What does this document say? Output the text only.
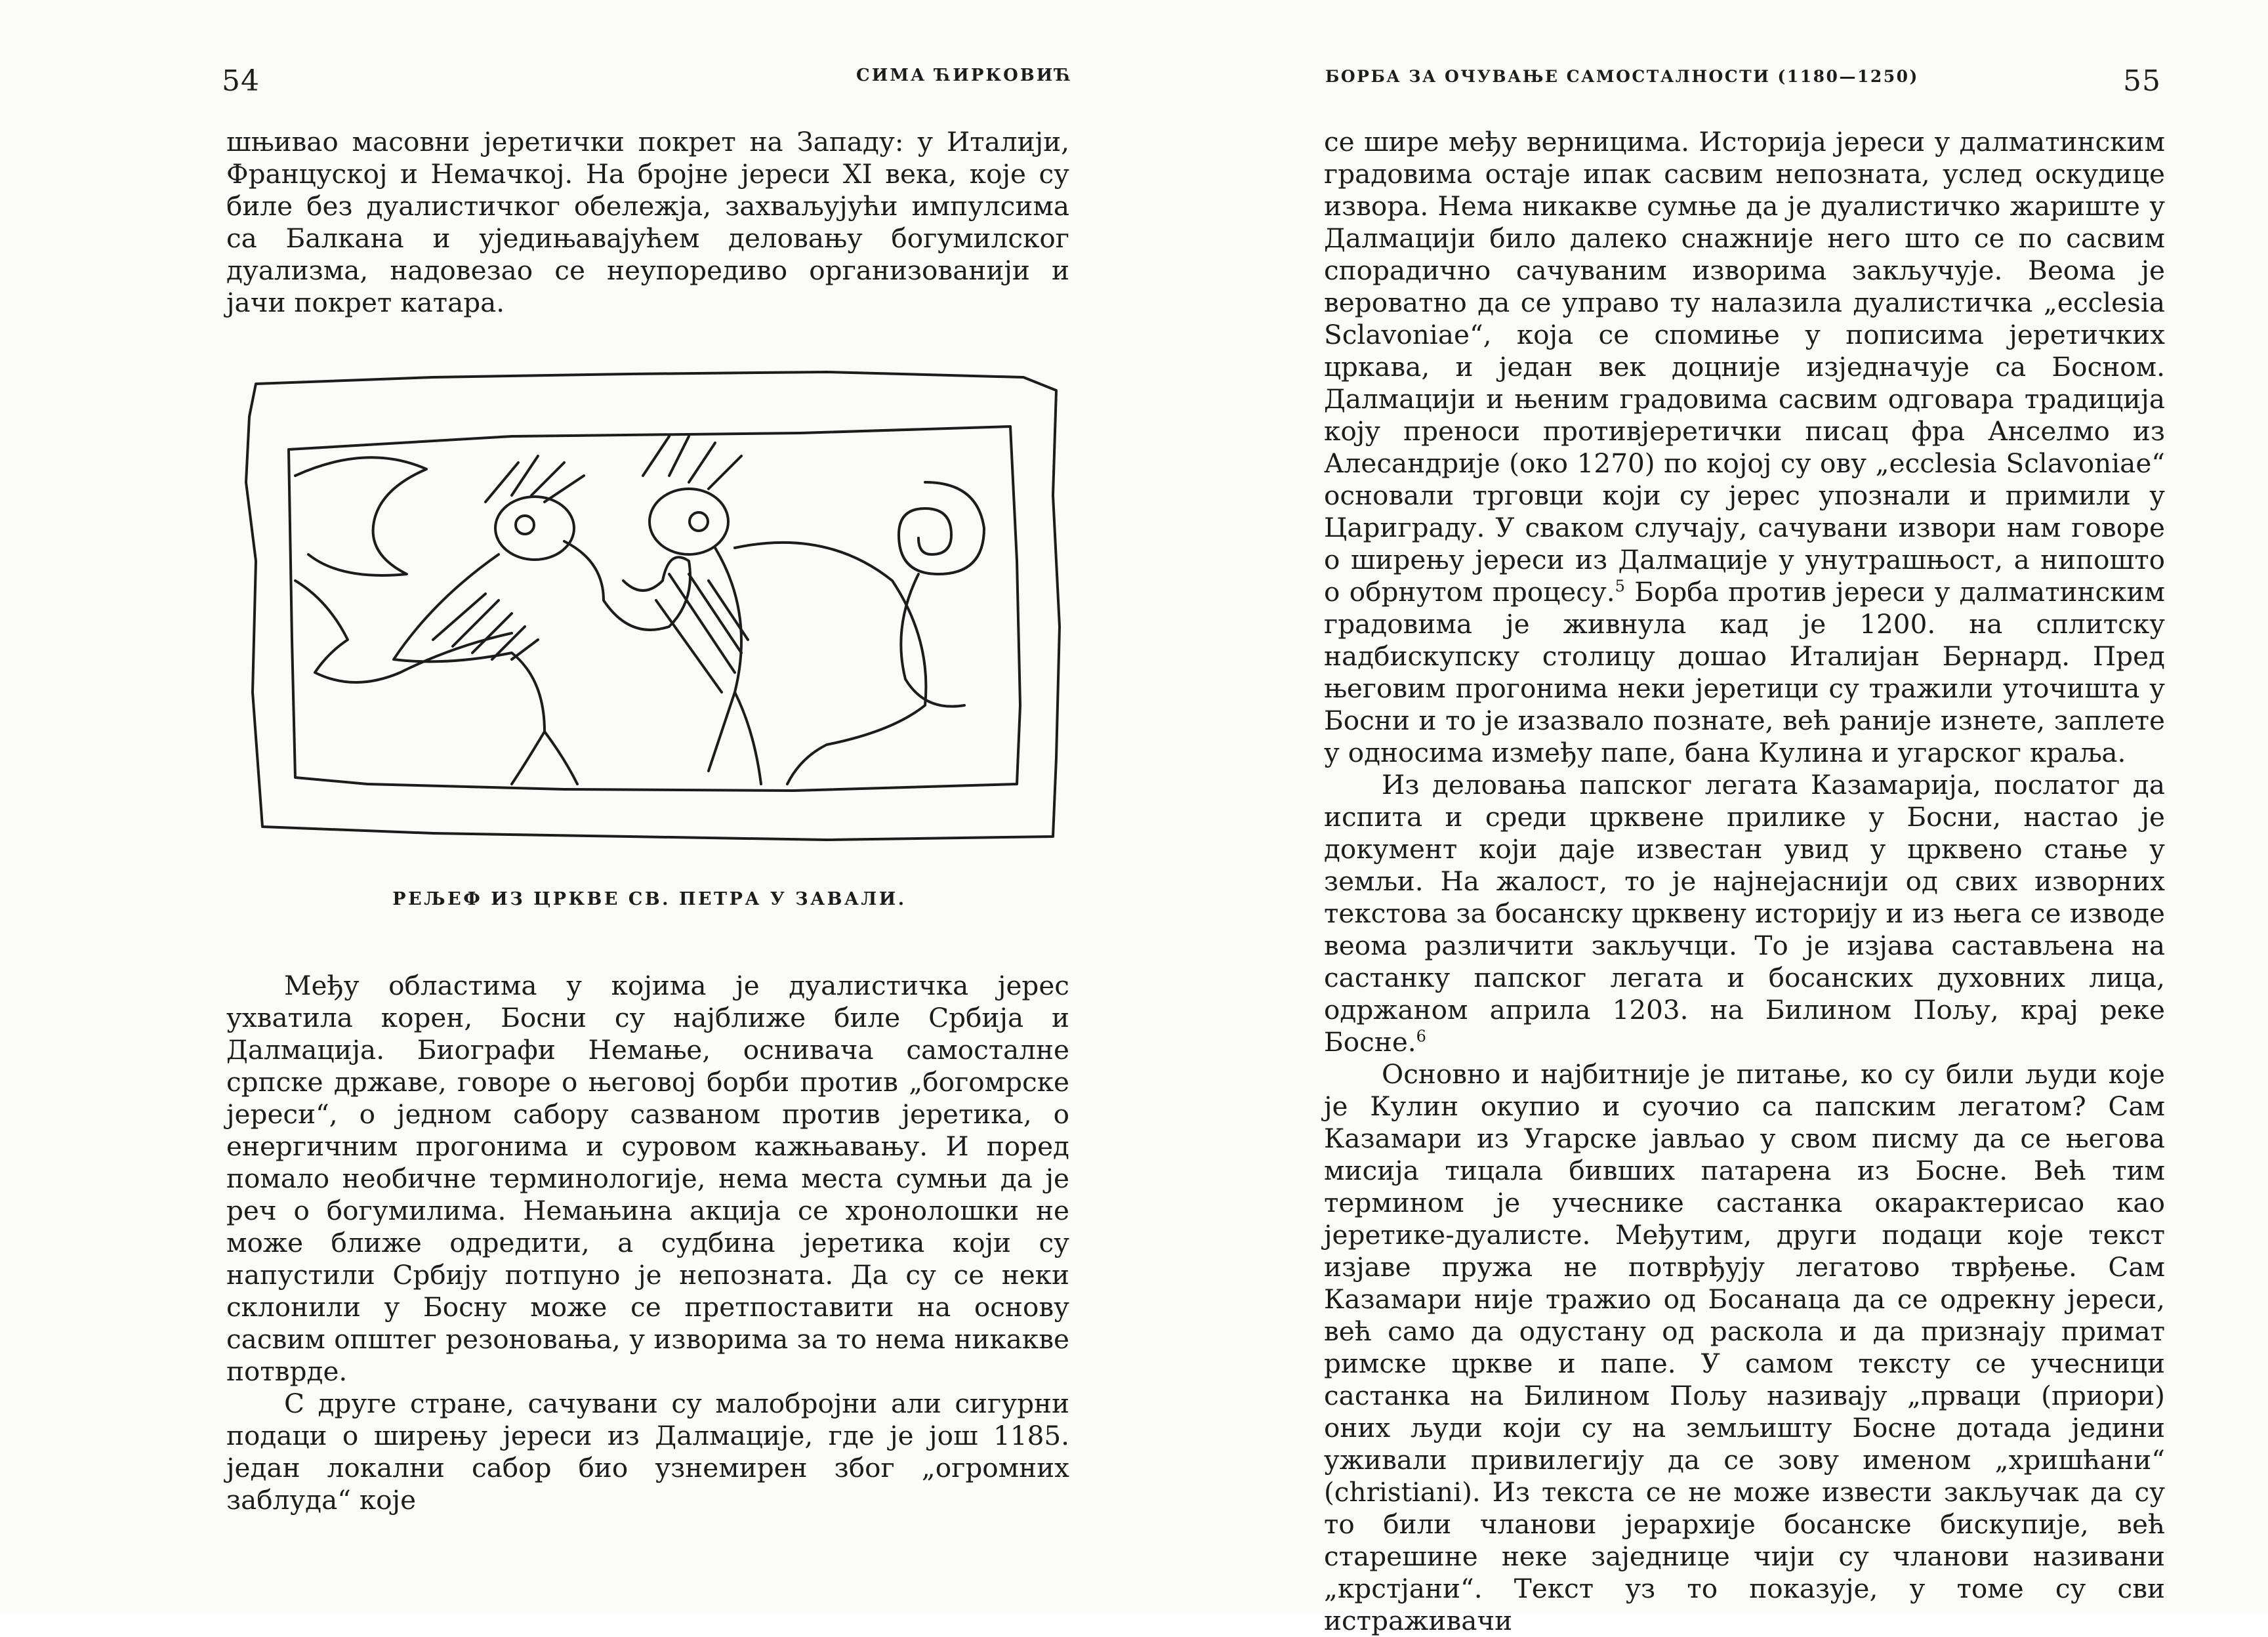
54	СИМА ЋИРКОВИЋ

шњивао масовни јеретички покрет на Западу: у Италији, Француској и Немачкој. На бројне јереси XI века, које су биле без дуалистичког обележја, захваљујући импулсима са Балкана и уједињавајућем деловању богумилског дуализма, надовезао се неупоредиво организованији и јачи покрет катара.

РЕЉЕФ ИЗ ЦРКВЕ СВ. ПЕТРА У ЗАВАЛИ.

Међу областима у којима је дуалистичка јерес ухватила корен, Босни су најближе биле Србија и Далмација. Биографи Немање, оснивача самосталне српске државе, говоре о његовој борби против „богомрске јереси“, о једном сабору сазваном против јеретика, о енергичним прогонима и суровом кажњавању. И поред помало необичне терминологије, нема места сумњи да је реч о богумилима. Немањина акција се хронолошки не може ближе одредити, а судбина јеретика који су напустили Србију потпуно је непозната. Да су се неки склонили у Босну може се претпоставити на основу сасвим општег резоновања, у изворима за то нема никакве потврде.

С друге стране, сачувани су малобројни али сигурни подаци о ширењу јереси из Далмације, где је још 1185. један локални сабор био узнемирен због „огромних заблуда“ које

БОРБА ЗА ОЧУВАЊЕ САМОСТАЛНОСТИ (1180—1250)	55

се шире међу верницима. Историја јереси у далматинским градовима остаје ипак сасвим непозната, услед оскудице извора. Нема никакве сумње да је дуалистичко жариште у Далмацији било далеко снажније него што се по сасвим спорадично сачуваним изворима закључује. Веома је вероватно да се управо ту налазила дуалистичка „ecclesia Sclavoniae“, која се спомиње у пописима јеретичких цркава, и један век доцније изједначује са Босном. Далмацији и њеним градовима сасвим одговара традиција коју преноси противјеретички писац фра Анселмо из Алесандрије (око 1270) по којој су ову „ecclesia Sclavoniae“ основали трговци који су јерес упознали и примили у Цариграду. У сваком случају, сачувани извори нам говоре о ширењу јереси из Далмације у унутрашњост, а нипошто о обрнутом процесу.$^5$ Борба против јереси у далматинским градовима је живнула кад је 1200. на сплитску надбискупску столицу дошао Италијан Бернард. Пред његовим прогонима неки јеретици су тражили уточишта у Босни и то је изазвало познате, већ раније изнете, заплете у односима између папе, бана Кулина и угарског краља.

Из деловања папског легата Казамарија, послатог да испита и среди црквене прилике у Босни, настао је документ који даје известан увид у црквено стање у земљи. На жалост, то је најнејаснији од свих изворних текстова за босанску црквену историју и из њега се изводе веома различити закључци. То је изјава састављена на састанку папског легата и босанских духовних лица, одржаном априла 1203. на Билином Пољу, крај реке Босне.$^6$

Основно и најбитније је питање, ко су били људи које је Кулин окупио и суочио са папским легатом? Сам Казамари из Угарске јављао у свом писму да се његова мисија тицала бивших патарена из Босне. Већ тим термином је учеснике састанка окарактерисао као јеретике-дуалисте. Међутим, други подаци које текст изјаве пружа не потврђују легатово тврђење. Сам Казамари није тражио од Босанаца да се одрекну јереси, већ само да одустану од раскола и да признају примат римске цркве и папе. У самом тексту се учесници састанка на Билином Пољу називају „прваци (приори) оних људи који су на земљишту Босне дотада једини уживали привилегију да се зову именом „хришћани“ (christiani). Из текста се не може извести закључак да су то били чланови јерархије босанске бискупије, већ старешине неке заједнице чији су чланови називани „крстјани“. Текст уз то показује, у томе су сви истраживачи
